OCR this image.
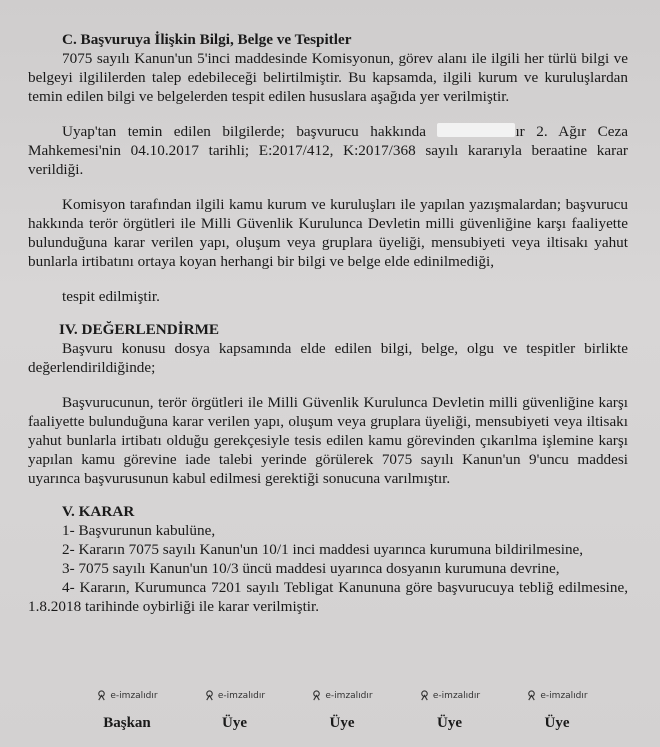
C. Başvuruya İlişkin Bilgi, Belge ve Tespitler

7075 sayılı Kanun'un 5'inci maddesinde Komisyonun, görev alanı ile ilgili her türlü bilgi ve belgeyi ilgililerden talep edebileceği belirtilmiştir. Bu kapsamda, ilgili kurum ve kuruluşlardan temin edilen bilgi ve belgelerden tespit edilen hususlara aşağıda yer verilmiştir.

Uyap'tan temin edilen bilgilerde; başvurucu hakkında	ır 2. Ağır Ceza Mahkemesi'nin 04.10.2017 tarihli; E:2017/412, K:2017/368 sayılı kararıyla beraatine karar verildiği.

Komisyon tarafından ilgili kamu kurum ve kuruluşları ile yapılan yazışmalardan; başvurucu hakkında terör örgütleri ile Milli Güvenlik Kurulunca Devletin milli güvenliğine karşı faaliyette bulunduğuna karar verilen yapı, oluşum veya gruplara üyeliği, mensubiyeti veya iltisakı yahut bunlarla irtibatını ortaya koyan herhangi bir bilgi ve belge elde edinilmediği,

tespit edilmiştir.

IV. DEĞERLENDİRME

Başvuru konusu dosya kapsamında elde edilen bilgi, belge, olgu ve tespitler birlikte değerlendirildiğinde;

Başvurucunun, terör örgütleri ile Milli Güvenlik Kurulunca Devletin milli güvenliğine karşı faaliyette bulunduğuna karar verilen yapı, oluşum veya gruplara üyeliği, mensubiyeti veya iltisakı yahut bunlarla irtibatı olduğu gerekçesiyle tesis edilen kamu görevinden çıkarılma işlemine karşı yapılan kamu görevine iade talebi yerinde görülerek 7075 sayılı Kanun'un 9'uncu maddesi uyarınca başvurusunun kabul edilmesi gerektiği sonucuna varılmıştır.

V. KARAR

1- Başvurunun kabulüne,

2- Kararın 7075 sayılı Kanun'un 10/1 inci maddesi uyarınca kurumuna bildirilmesine,

3- 7075 sayılı Kanun'un 10/3 üncü maddesi uyarınca dosyanın kurumuna devrine,

4- Kararın, Kurumunca 7201 sayılı Tebligat Kanununa göre başvurucuya tebliğ edilmesine, 1.8.2018 tarihinde oybirliği ile karar verilmiştir.

e-imzalıdır
Başkan
e-imzalıdır
Üye
e-imzalıdır
Üye
e-imzalıdır
Üye
e-imzalıdır
Üye
